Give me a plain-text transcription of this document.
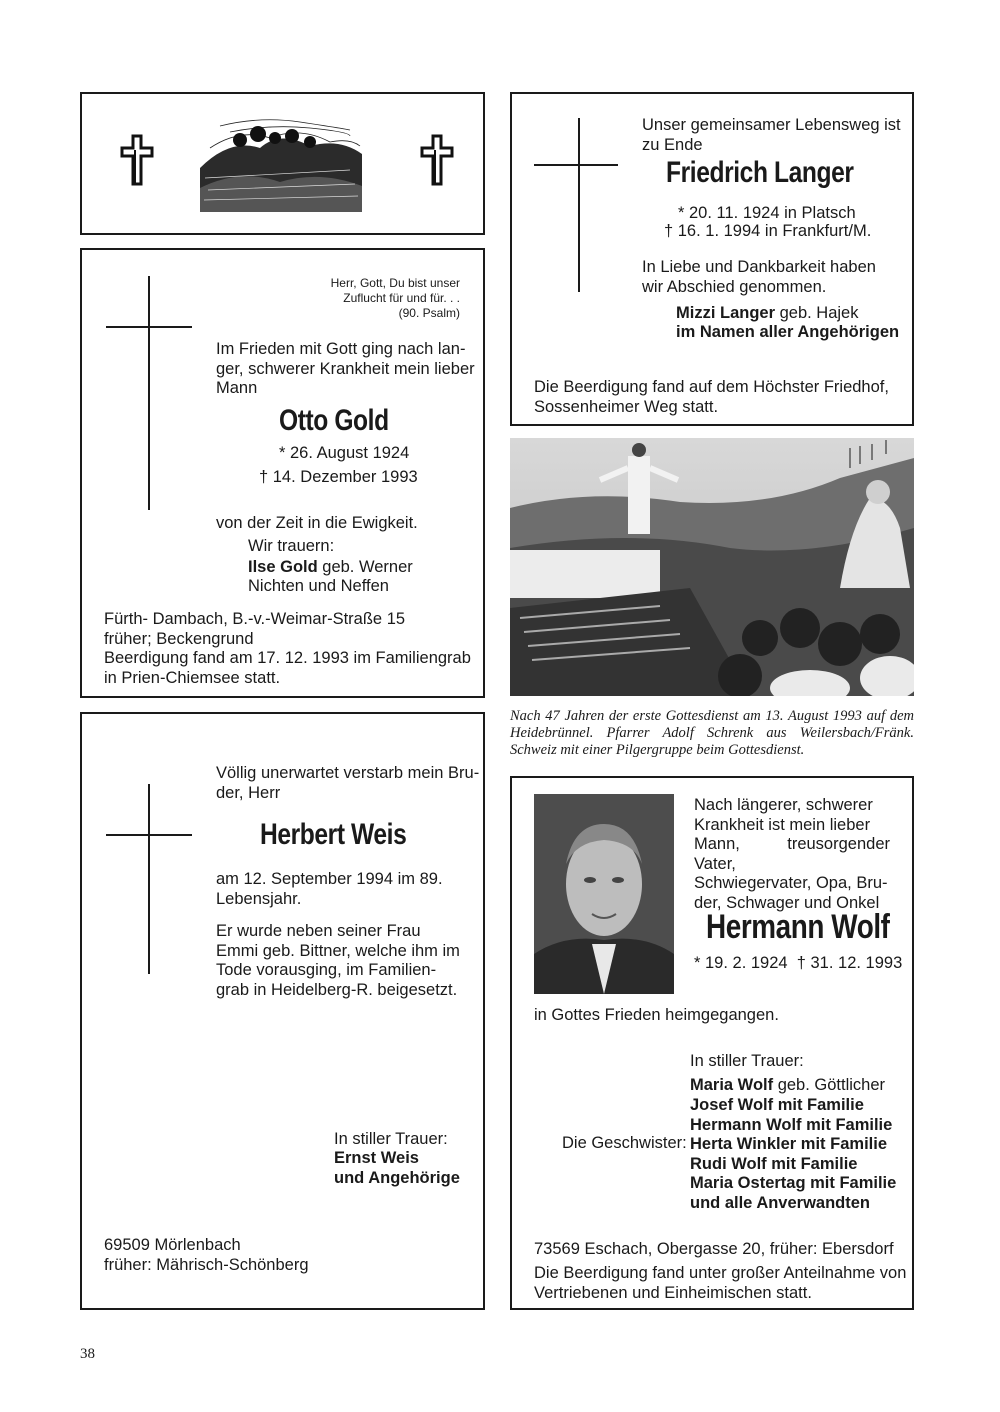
Herr, Gott, Du bist unser
Zuflucht für und für. . .
(90. Psalm)
Im Frieden mit Gott ging nach lan-
ger, schwerer Krankheit mein lieber
Mann
Otto Gold
* 26. August 1924
† 14. Dezember 1993
von der Zeit in die Ewigkeit.
Wir trauern:
Ilse Gold geb. Werner
Nichten und Neffen
Fürth- Dambach, B.-v.-Weimar-Straße 15
früher; Beckengrund
Beerdigung fand am 17. 12. 1993 im Familiengrab
in Prien-Chiemsee statt.
Unser gemeinsamer Lebensweg ist
zu Ende
Friedrich Langer
* 20. 11. 1924 in Platsch
† 16. 1. 1994 in Frankfurt/M.
In Liebe und Dankbarkeit haben
wir Abschied genommen.
Mizzi Langer geb. Hajek
im Namen aller Angehörigen
Die Beerdigung fand auf dem Höchster Friedhof,
Sossenheimer Weg statt.
Nach 47 Jahren der erste Gottesdienst am 13. August 1993 auf dem Heidebrünnel. Pfarrer Adolf Schrenk aus Weilersbach/Fränk. Schweiz mit einer Pilgergruppe beim Gottesdienst.
Völlig unerwartet verstarb mein Bru-
der, Herr
Herbert Weis
am 12. September 1994 im 89.
Lebensjahr.
Er wurde neben seiner Frau
Emmi geb. Bittner, welche ihm im
Tode vorausging, im Familien-
grab in Heidelberg-R. beigesetzt.
In stiller Trauer:
Ernst Weis
und Angehörige
69509 Mörlenbach
früher: Mährisch-Schönberg
Nach längerer, schwerer
Krankheit ist mein lieber
Mann, treusorgender Vater,
Schwiegervater, Opa, Bru-
der, Schwager und Onkel
Hermann Wolf
* 19. 2. 1924  † 31. 12. 1993
in Gottes Frieden heimgegangen.
In stiller Trauer:
Maria Wolf geb. Göttlicher
Die Geschwister:
Josef Wolf mit Familie
Hermann Wolf mit Familie
Herta Winkler mit Familie
Rudi Wolf mit Familie
Maria Ostertag mit Familie
und alle Anverwandten
73569 Eschach, Obergasse 20, früher: Ebersdorf
Die Beerdigung fand unter großer Anteilnahme von
Vertriebenen und Einheimischen statt.
38
